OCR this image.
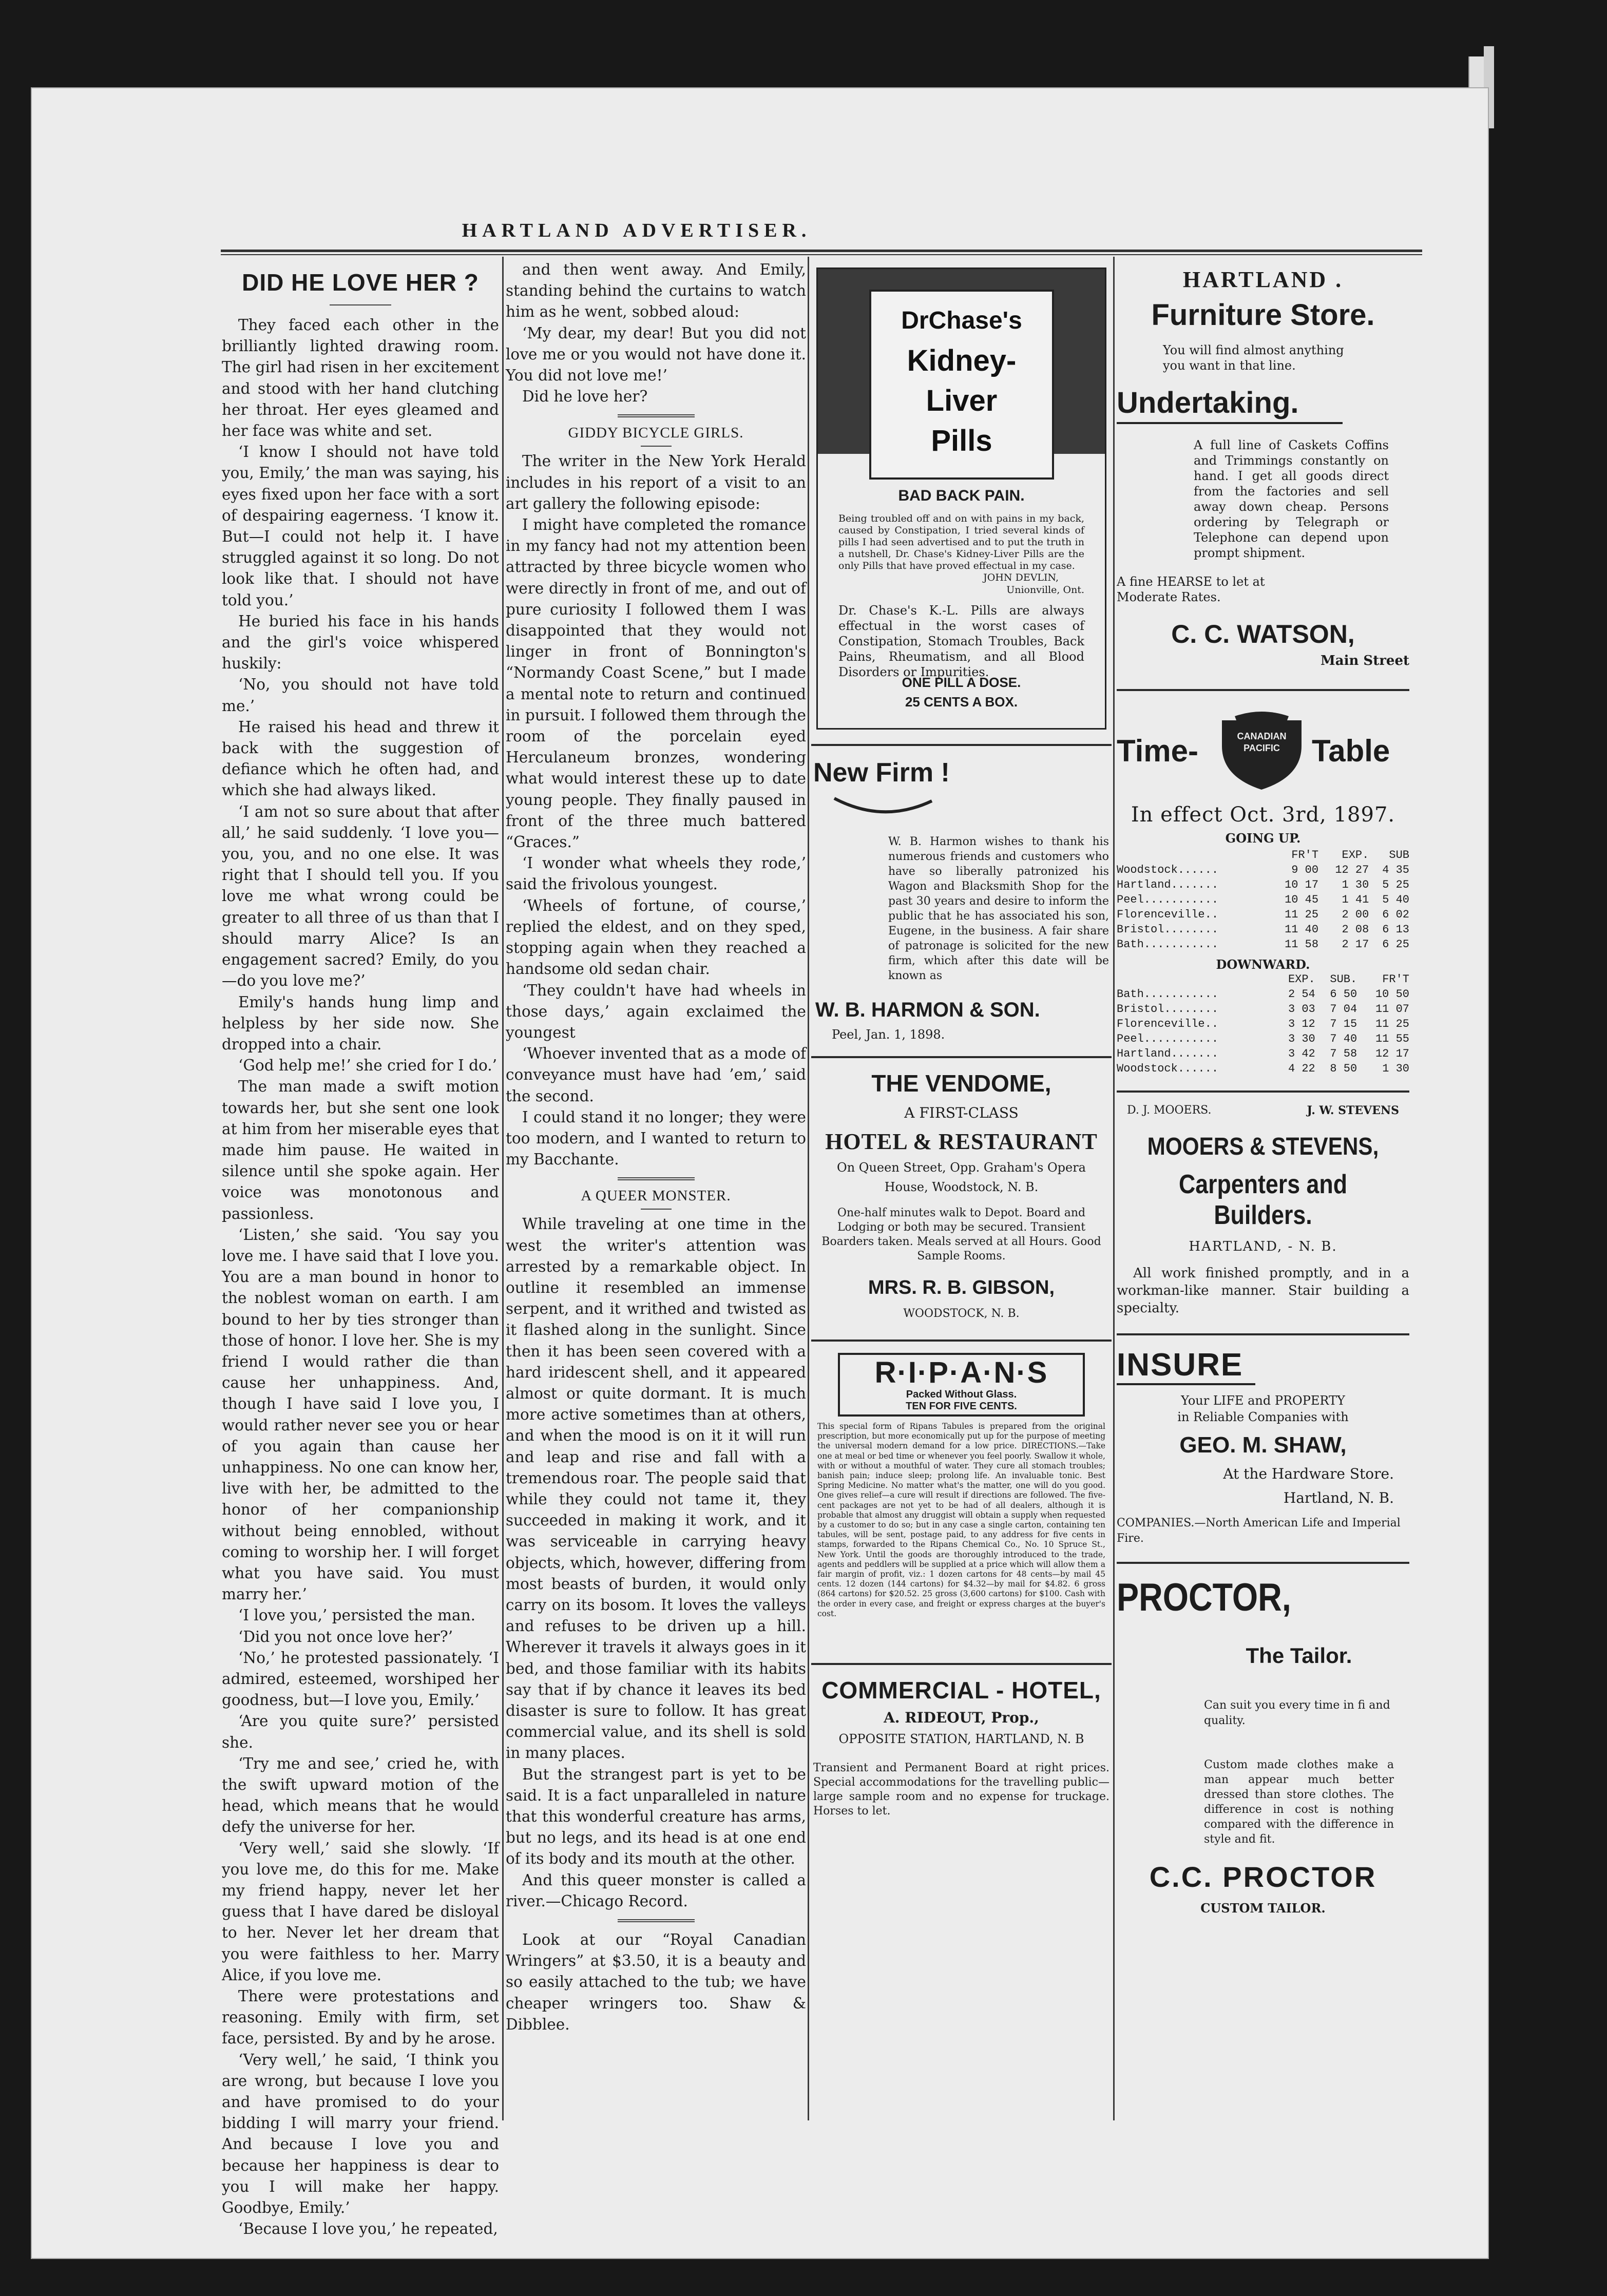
HARTLAND ADVERTISER.
DID HE LOVE HER ?

They faced each other in the brilliantly lighted drawing room. The girl had risen in her excitement and stood with her hand clutching her throat. Her eyes gleamed and her face was white and set.

‘I know I should not have told you, Emily,’ the man was saying, his eyes fixed upon her face with a sort of despairing eagerness. ‘I know it. But—I could not help it. I have struggled against it so long. Do not look like that. I should not have told you.’

He buried his face in his hands and the girl's voice whispered huskily:

‘No, you should not have told me.’

He raised his head and threw it back with the suggestion of defiance which he often had, and which she had always liked.

‘I am not so sure about that after all,’ he said suddenly. ‘I love you—you, you, and no one else. It was right that I should tell you. If you love me what wrong could be greater to all three of us than that I should marry Alice? Is an engagement sacred? Emily, do you—do you love me?’

Emily's hands hung limp and helpless by her side now. She dropped into a chair.

‘God help me!’ she cried for I do.’

The man made a swift motion towards her, but she sent one look at him from her miserable eyes that made him pause. He waited in silence until she spoke again. Her voice was monotonous and passionless.

‘Listen,’ she said. ‘You say you love me. I have said that I love you. You are a man bound in honor to the noblest woman on earth. I am bound to her by ties stronger than those of honor. I love her. She is my friend I would rather die than cause her unhappiness. And, though I have said I love you, I would rather never see you or hear of you again than cause her unhappiness. No one can know her, live with her, be admitted to the honor of her companionship without being ennobled, without coming to worship her. I will forget what you have said. You must marry her.’

‘I love you,’ persisted the man.

‘Did you not once love her?’

‘No,’ he protested passionately. ‘I admired, esteemed, worshiped her goodness, but—I love you, Emily.’

‘Are you quite sure?’ persisted she.

‘Try me and see,’ cried he, with the swift upward motion of the head, which means that he would defy the universe for her.

‘Very well,’ said she slowly. ‘If you love me, do this for me. Make my friend happy, never let her guess that I have dared be disloyal to her. Never let her dream that you were faithless to her. Marry Alice, if you love me.

There were protestations and reasoning. Emily with firm, set face, persisted. By and by he arose.

‘Very well,’ he said, ‘I think you are wrong, but because I love you and have promised to do your bidding I will marry your friend. And because I love you and because her happiness is dear to you I will make her happy. Goodbye, Emily.’

‘Because I love you,’ he repeated,

and then went away. And Emily, standing behind the curtains to watch him as he went, sobbed aloud:

‘My dear, my dear! But you did not love me or you would not have done it. You did not love me!’

Did he love her?

GIDDY BICYCLE GIRLS.

The writer in the New York Herald includes in his report of a visit to an art gallery the following episode:

I might have completed the romance in my fancy had not my attention been attracted by three bicycle women who were directly in front of me, and out of pure curiosity I followed them I was disappointed that they would not linger in front of Bonnington's “Normandy Coast Scene,” but I made a mental note to return and continued in pursuit. I followed them through the room of the porcelain eyed Herculaneum bronzes, wondering what would interest these up to date young people. They finally paused in front of the three much battered “Graces.”

‘I wonder what wheels they rode,’ said the frivolous youngest.

‘Wheels of fortune, of course,’ replied the eldest, and on they sped, stopping again when they reached a handsome old sedan chair.

‘They couldn't have had wheels in those days,’ again exclaimed the youngest

‘Whoever invented that as a mode of conveyance must have had ’em,’ said the second.

I could stand it no longer; they were too modern, and I wanted to return to my Bacchante.

A QUEER MONSTER.

While traveling at one time in the west the writer's attention was arrested by a remarkable object. In outline it resembled an immense serpent, and it writhed and twisted as it flashed along in the sunlight. Since then it has been seen covered with a hard iridescent shell, and it appeared almost or quite dormant. It is much more active sometimes than at others, and when the mood is on it it will run and leap and rise and fall with a tremendous roar. The people said that while they could not tame it, they succeeded in making it work, and it was serviceable in carrying heavy objects, which, however, differing from most beasts of burden, it would only carry on its bosom. It loves the valleys and refuses to be driven up a hill. Wherever it travels it always goes in it bed, and those familiar with its habits say that if by chance it leaves its bed disaster is sure to follow. It has great commercial value, and its shell is sold in many places.

But the strangest part is yet to be said. It is a fact unparalleled in nature that this wonderful creature has arms, but no legs, and its head is at one end of its body and its mouth at the other.

And this queer monster is called a river.—Chicago Record.

Look at our “Royal Canadian Wringers” at $3.50, it is a beauty and so easily attached to the tub; we have cheaper wringers too. Shaw & Dibblee.

DrChase's
Kidney-
Liver
Pills
BAD BACK PAIN.
Being troubled off and on with pains in my back, caused by Constipation, I tried several kinds of pills I had seen advertised and to put the truth in a nutshell, Dr. Chase's Kidney-Liver Pills are the only Pills that have proved effectual in my case.
JOHN DEVLIN,
Unionville, Ont.
Dr. Chase's K.-L. Pills are always effectual in the worst cases of Constipation, Stomach Troubles, Back Pains, Rheumatism, and all Blood Disorders or Impurities.
ONE PILL A DOSE.
25 CENTS A BOX.
New Firm !
W. B. Harmon wishes to thank his numerous friends and customers who have so liberally patronized his Wagon and Blacksmith Shop for the past 30 years and desire to inform the public that he has associated his son, Eugene, in the business. A fair share of patronage is solicited for the new firm, which after this date will be known as
W. B. HARMON & SON.
Peel, Jan. 1, 1898.
THE VENDOME,
A FIRST-CLASS
HOTEL & RESTAURANT
On Queen Street, Opp. Graham's Opera
House, Woodstock, N. B.
One-half minutes walk to Depot. Board and Lodging or both may be secured. Transient Boarders taken. Meals served at all Hours. Good Sample Rooms.
MRS. R. B. GIBSON,
WOODSTOCK, N. B.
R·I·P·A·N·S
Packed Without Glass.
TEN FOR FIVE CENTS.
This special form of Ripans Tabules is prepared from the original prescription, but more economically put up for the purpose of meeting the universal modern demand for a low price. DIRECTIONS.—Take one at meal or bed time or whenever you feel poorly. Swallow it whole, with or without a mouthful of water. They cure all stomach troubles; banish pain; induce sleep; prolong life. An invaluable tonic. Best Spring Medicine. No matter what's the matter, one will do you good. One gives relief—a cure will result if directions are followed. The five-cent packages are not yet to be had of all dealers, although it is probable that almost any druggist will obtain a supply when requested by a customer to do so; but in any case a single carton, containing ten tabules, will be sent, postage paid, to any address for five cents in stamps, forwarded to the Ripans Chemical Co., No. 10 Spruce St., New York. Until the goods are thoroughly introduced to the trade, agents and peddlers will be supplied at a price which will allow them a fair margin of profit, viz.: 1 dozen cartons for 48 cents—by mail 45 cents. 12 dozen (144 cartons) for $4.32—by mail for $4.82. 6 gross (864 cartons) for $20.52. 25 gross (3,600 cartons) for $100. Cash with the order in every case, and freight or express charges at the buyer's cost.
COMMERCIAL - HOTEL,
A. RIDEOUT, Prop.,
OPPOSITE STATION, HARTLAND, N. B
Transient and Permanent Board at right prices. Special accommodations for the travelling public—large sample room and no expense for truckage. Horses to let.
HARTLAND .
Furniture Store.
You will find almost anything you want in that line.
Undertaking.
A full line of Caskets Coffins and Trimmings constantly on hand. I get all goods direct from the factories and sell away down cheap. Persons ordering by Telegraph or Telephone can depend upon prompt shipment.
A fine HEARSE to let at Moderate Rates.
C. C. WATSON,
Main Street
Time-	CANADIAN
PACIFIC	Table
In effect Oct. 3rd, 1897.
GOING UP.
	FR'T	EXP.	SUB
Woodstock......	9 00	12 27	4 35
Hartland.......	10 17	1 30	5 25
Peel...........	10 45	1 41	5 40
Florenceville..	11 25	2 00	6 02
Bristol........	11 40	2 08	6 13
Bath...........	11 58	2 17	6 25
DOWNWARD.
	EXP.	SUB.	FR'T
Bath...........	2 54	6 50	10 50
Bristol........	3 03	7 04	11 07
Florenceville..	3 12	7 15	11 25
Peel...........	3 30	7 40	11 55
Hartland.......	3 42	7 58	12 17
Woodstock......	4 22	8 50	1 30
D. J. MOOERS.	J. W. STEVENS
MOOERS & STEVENS,
Carpenters and Builders.
HARTLAND, - N. B.

All work finished promptly, and in a workman-like manner. Stair building a specialty.

INSURE
Your LIFE and PROPERTY
in Reliable Companies with
GEO. M. SHAW,
At the Hardware Store.
Hartland, N. B.
COMPANIES.—North American Life and Imperial Fire.
PROCTOR,
The Tailor.
Can suit you every time in fi and quality.
Custom made clothes make a man appear much better dressed than store clothes. The difference in cost is nothing compared with the difference in style and fit.
C.C. PROCTOR
CUSTOM TAILOR.
